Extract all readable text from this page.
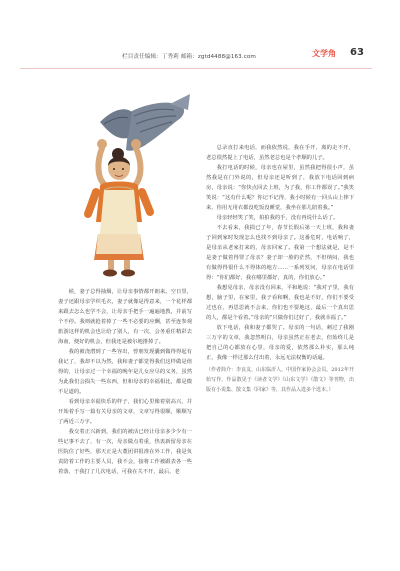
栏目责任编辑：丁秀莉 邮箱：zgtd4488@163.com	文学角 63

候，妻子总得抽烟，让母亲事情都开朗来。空日里，妻子还跟母亲学织毛衣，妻子就像是得意来，一个花样都来跟去怎么也学不会，让母亲手把手一遍遍地教，并前写个不停。我则就抢着掉了一些不必要的应酬，甚至连参观旅游这样的机会也让给了别人，有一次，会务重任精彩去海南，便好的机会，但我还是被尔地推掉了。

我的被浇潜到了一些容出，曾朋发现囊到做得得起有我记了，我却不以为然，我和妻子都觉得我们这样做是值得的，让母亲过一个幸福的晚年是儿女应尽的义务，虽然为此我们会损失一些东西，但和母亲的幸福相比，都是微不足道的。

看到母亲幸福快乐的样子，我们心里像着别高兴，并开始着手写一篇有关母亲的文章，文章写得很顺，顺顺写了两近三万字。

我交着正兴新到，我们的被活已经让母亲多少少有一些记事不去了，有一次，母亲做点着重，热衷新留母亲在医院住了好些，那天正是大董团讲很准在外工作，我是负责陪着工作的主要人员，我不会，接将工作被跟表各一些着落，于我打了几次电话，可我在关不开，最后，老

总录直打来电话，而我依然说，我在手开，离的走不开，老总很然提上了电话，虽然老总也是个孝顺的儿子。

我打电话的时候，母亲也在屋里，虽然我把得很小声，虽然我是在门外说的，但母亲还是听到了，我放下电话回到病房，母亲说：“你快点回去上班，为了我，你工作都误了。”我笑笑说：“这有什么呢？你记不记得，我小时候有一回头山上摔下来，你用无用衣都没吃饭没睡觉，我坐在那儿陪着我。”

母亲轻轻笑了笑，拍拍我的手，没有再说什么话了。

不去看来，我损已了年，春节长假后第一天上班，我和妻子回到家时发现怎么也找不到母亲了。这番危时，电话响了，是母亲从老家打来的，母亲回家了。我第一个想法就是，是不是妻子做着得罪了母亲？妻子却一脸的茫然，不但纳闷，我也有做得得很什么不得体的地方……一系列发问，母亲在电话里得：“你们都好，我在哪里都好，真的，你们放心。”

我想见母亲，母亲没有回来，平和地说：“我对子里，我有想，脑子里，在家里，我子看和啊，我也是不好，你们不要受过也在，再思思就不会来，你们也不要地这，最后一个真出思的人，都是个看着。”母亲的“只做你们过好了，我就幸福了。”

放下电话，我和妻子都哭了。母亲的一句话，刺过了我刚三万字的文章，我忽然明白，母亲虽然正在老去，但始终几是把自己的心都放在心里，母亲的爱，依然那么朴实，那么纯正，我像一样过那么付出着，永远无法权衡的话逼。

（作者简介：李良友，山东临沂人，中国作家协会会员。2012年开始写作，作品散见于《读者文学》《山东文学》《散文》等刊物，出版有小说集、散文集《回家》等，其作品入选多个选本。）
